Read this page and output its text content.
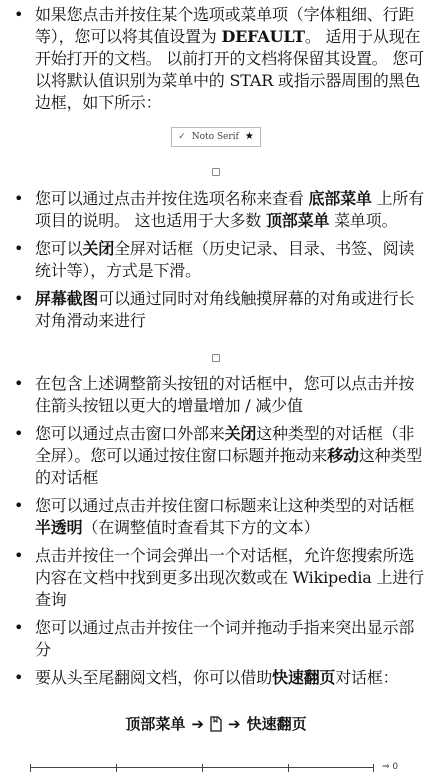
• 如果您点击并按住某个选项或菜单项（字体粗细、行距等），您可以将其值设置为 DEFAULT。 适用于从现在开始打开的文档。 以前打开的文档将保留其设置。 您可以将默认值识别为菜单中的 STAR 或指示器周围的黑色边框，如下所示：
✓ Noto Serif ★
• 您可以通过点击并按住选项名称来查看 底部菜单 上所有项目的说明。 这也适用于大多数 顶部菜单 菜单项。
• 您可以关闭全屏对话框（历史记录、目录、书签、阅读统计等），方式是下滑。
• 屏幕截图可以通过同时对角线触摸屏幕的对角或进行长对角滑动来进行
• 在包含上述调整箭头按钮的对话框中，您可以点击并按住箭头按钮以更大的增量增加 / 减少值
• 您可以通过点击窗口外部来关闭这种类型的对话框（非全屏）。您可以通过按住窗口标题并拖动来移动这种类型的对话框
• 您可以通过点击并按住窗口标题来让这种类型的对话框半透明（在调整值时查看其下方的文本）
• 点击并按住一个词会弹出一个对话框，允许您搜索所选内容在文档中找到更多出现次数或在 Wikipedia 上进行查询
• 您可以通过点击并按住一个词并拖动手指来突出显示部分
• 要从头至尾翻阅文档，你可以借助快速翻页对话框：
顶部菜单 ➔ ➔ 快速翻页
⇒ 0
